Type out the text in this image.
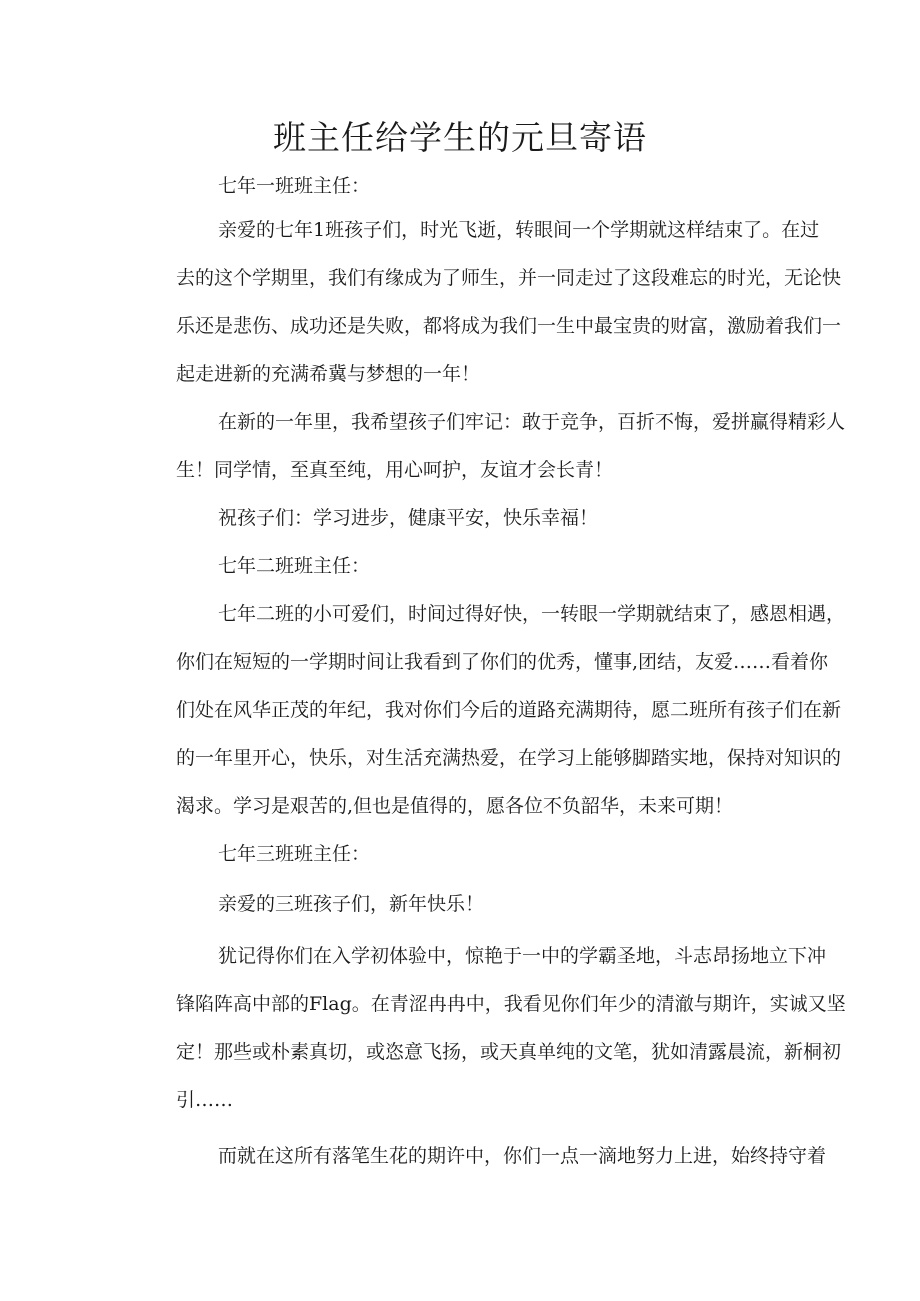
班主任给学生的元旦寄语
七年一班班主任：
亲爱的七年1班孩子们，时光飞逝，转眼间一个学期就这样结束了。在过
去的这个学期里，我们有缘成为了师生，并一同走过了这段难忘的时光，无论快
乐还是悲伤、成功还是失败，都将成为我们一生中最宝贵的财富，激励着我们一
起走进新的充满希冀与梦想的一年！
在新的一年里，我希望孩子们牢记：敢于竞争，百折不悔，爱拼赢得精彩人
生！同学情，至真至纯，用心呵护，友谊才会长青！
祝孩子们：学习进步，健康平安，快乐幸福！
七年二班班主任：
七年二班的小可爱们，时间过得好快，一转眼一学期就结束了，感恩相遇，
你们在短短的一学期时间让我看到了你们的优秀，懂事,团结，友爱……看着你
们处在风华正茂的年纪，我对你们今后的道路充满期待，愿二班所有孩子们在新
的一年里开心，快乐，对生活充满热爱，在学习上能够脚踏实地，保持对知识的
渴求。学习是艰苦的,但也是值得的，愿各位不负韶华，未来可期！
七年三班班主任：
亲爱的三班孩子们，新年快乐！
犹记得你们在入学初体验中，惊艳于一中的学霸圣地，斗志昂扬地立下冲
锋陷阵高中部的Flag。在青涩冉冉中，我看见你们年少的清澈与期许，实诚又坚
定！那些或朴素真切，或恣意飞扬，或天真单纯的文笔，犹如清露晨流，新桐初
引……
而就在这所有落笔生花的期许中，你们一点一滴地努力上进，始终持守着
